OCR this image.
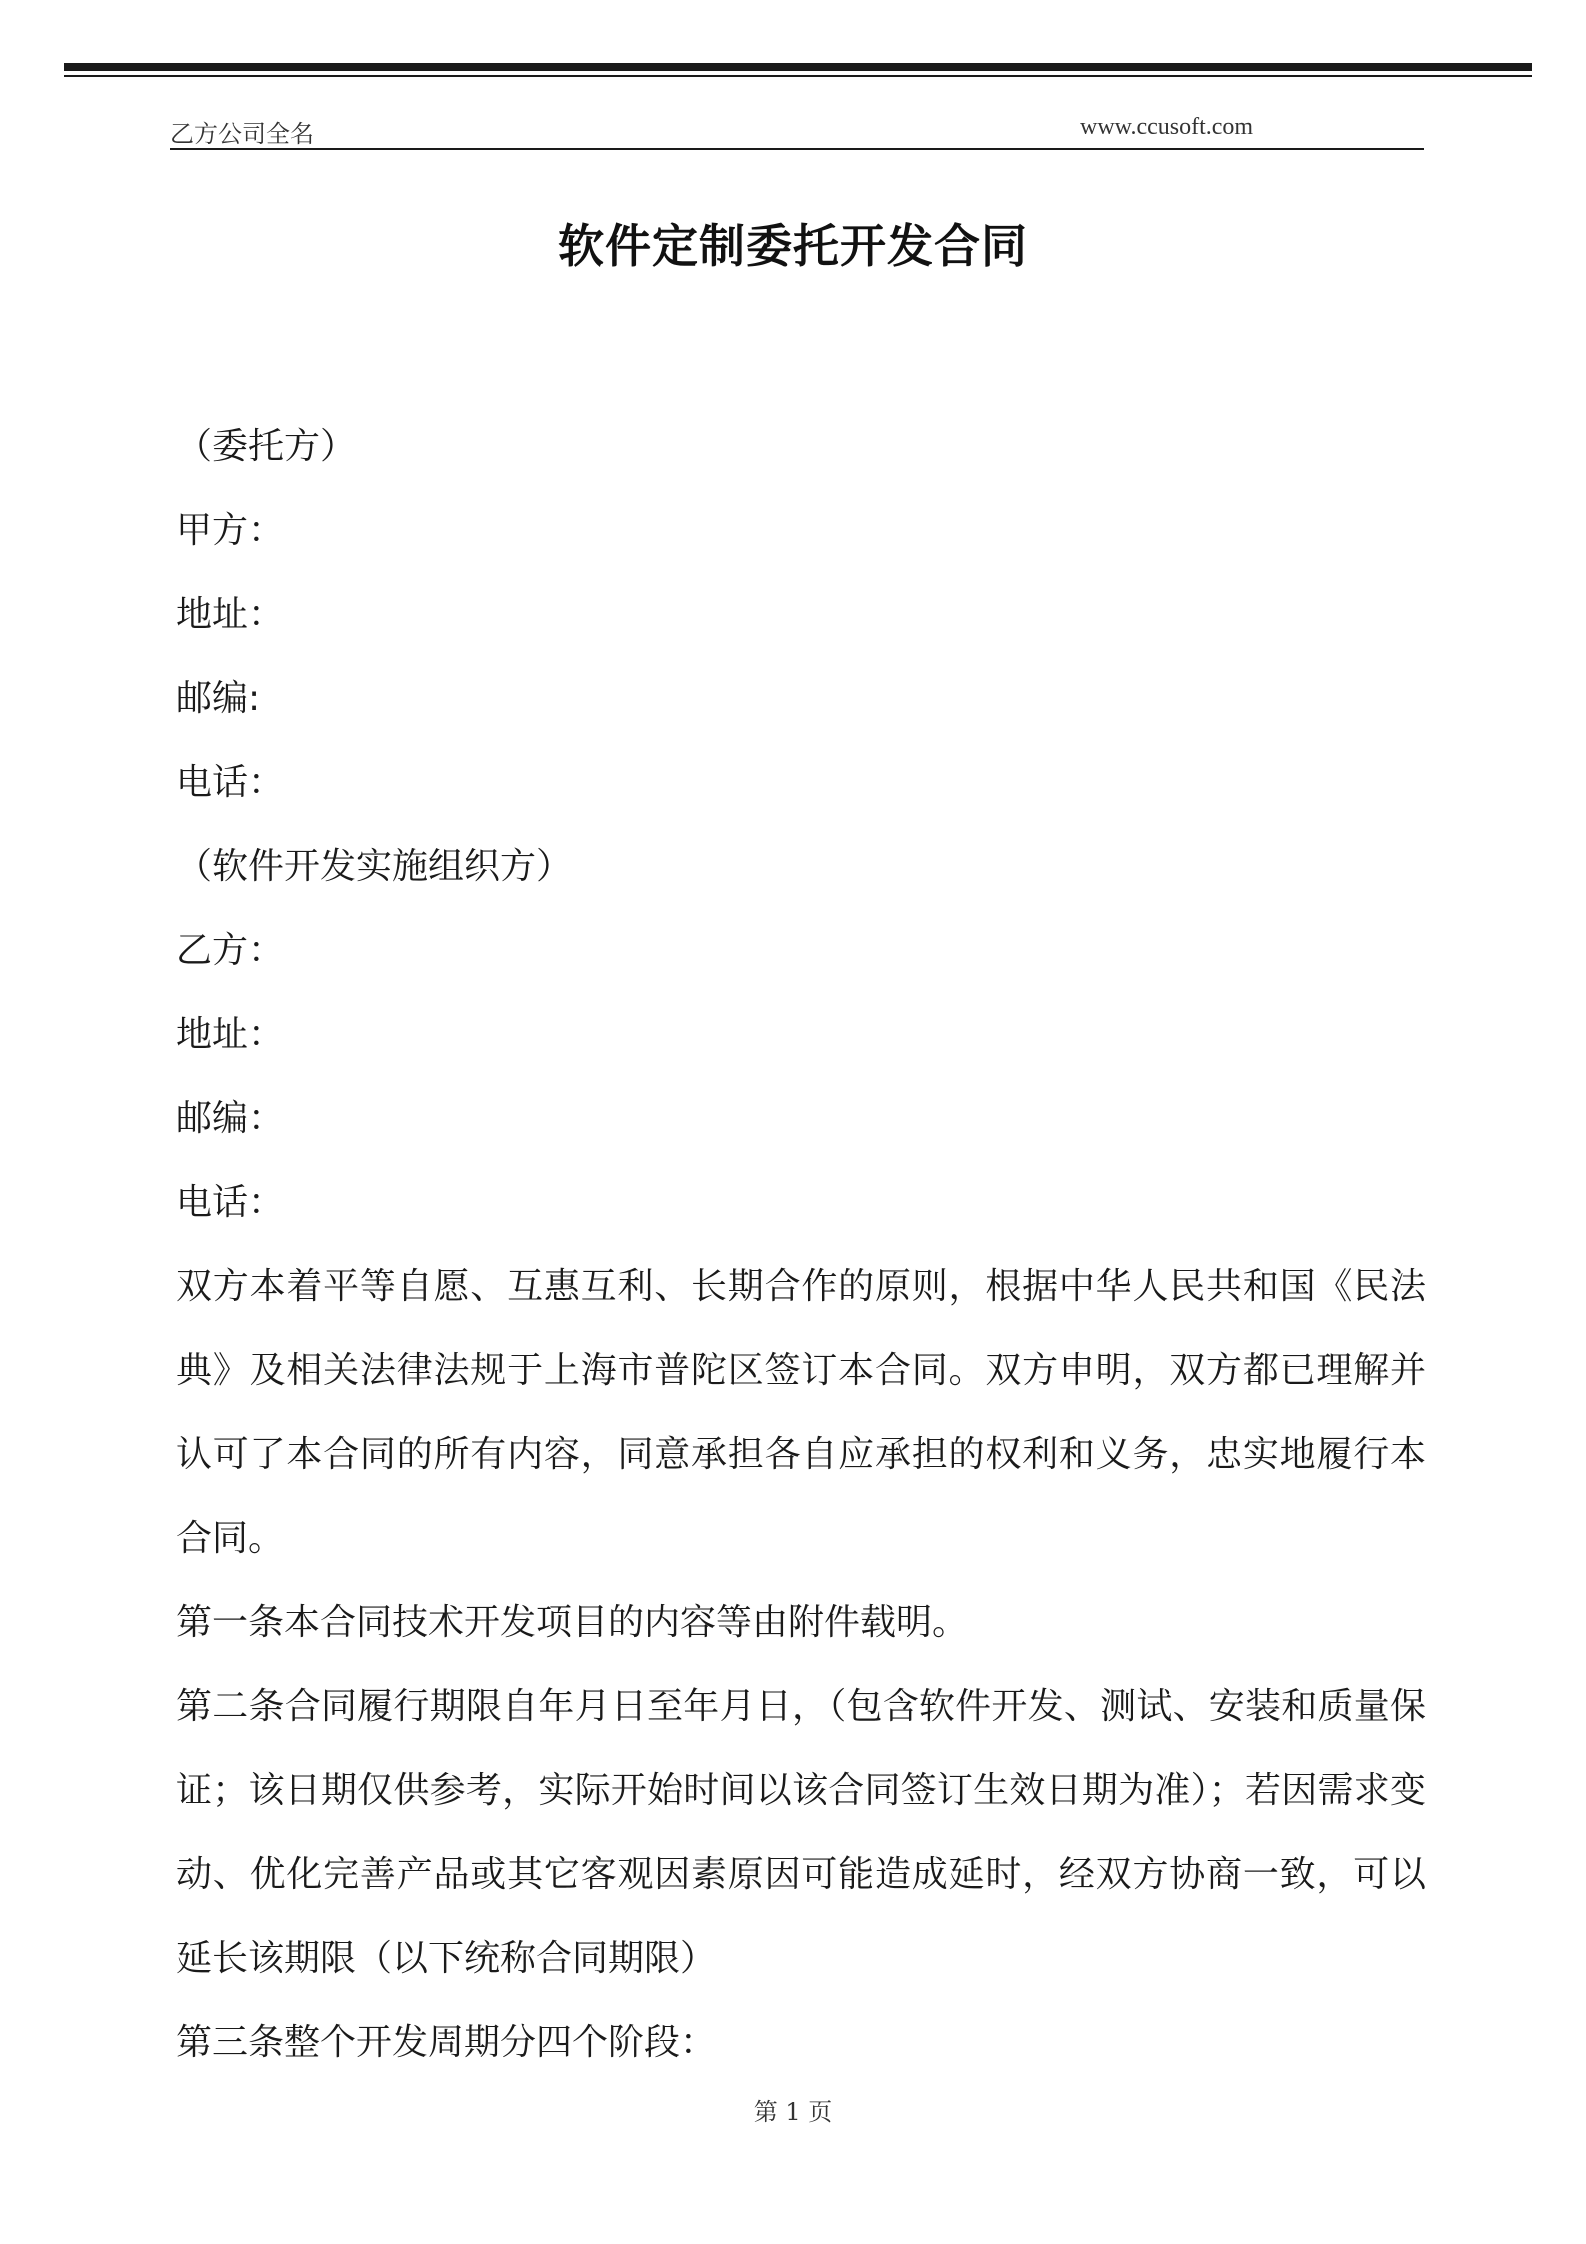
乙方公司全名	www.ccusoft.com
软件定制委托开发合同

（委托方）

甲方：

地址：

邮编:

电话：

（软件开发实施组织方）

乙方：

地址：

邮编：

电话：

双方本着平等自愿、互惠互利、长期合作的原则，根据中华人民共和国《民法典》及相关法律法规于上海市普陀区签订本合同。双方申明，双方都已理解并认可了本合同的所有内容，同意承担各自应承担的权利和义务，忠实地履行本合同。

第一条本合同技术开发项目的内容等由附件载明。

第二条合同履行期限自年月日至年月日，（包含软件开发、测试、安装和质量保证；该日期仅供参考，实际开始时间以该合同签订生效日期为准）；若因需求变动、优化完善产品或其它客观因素原因可能造成延时，经双方协商一致，可以延长该期限（以下统称合同期限）

第三条整个开发周期分四个阶段：

第 1 页
